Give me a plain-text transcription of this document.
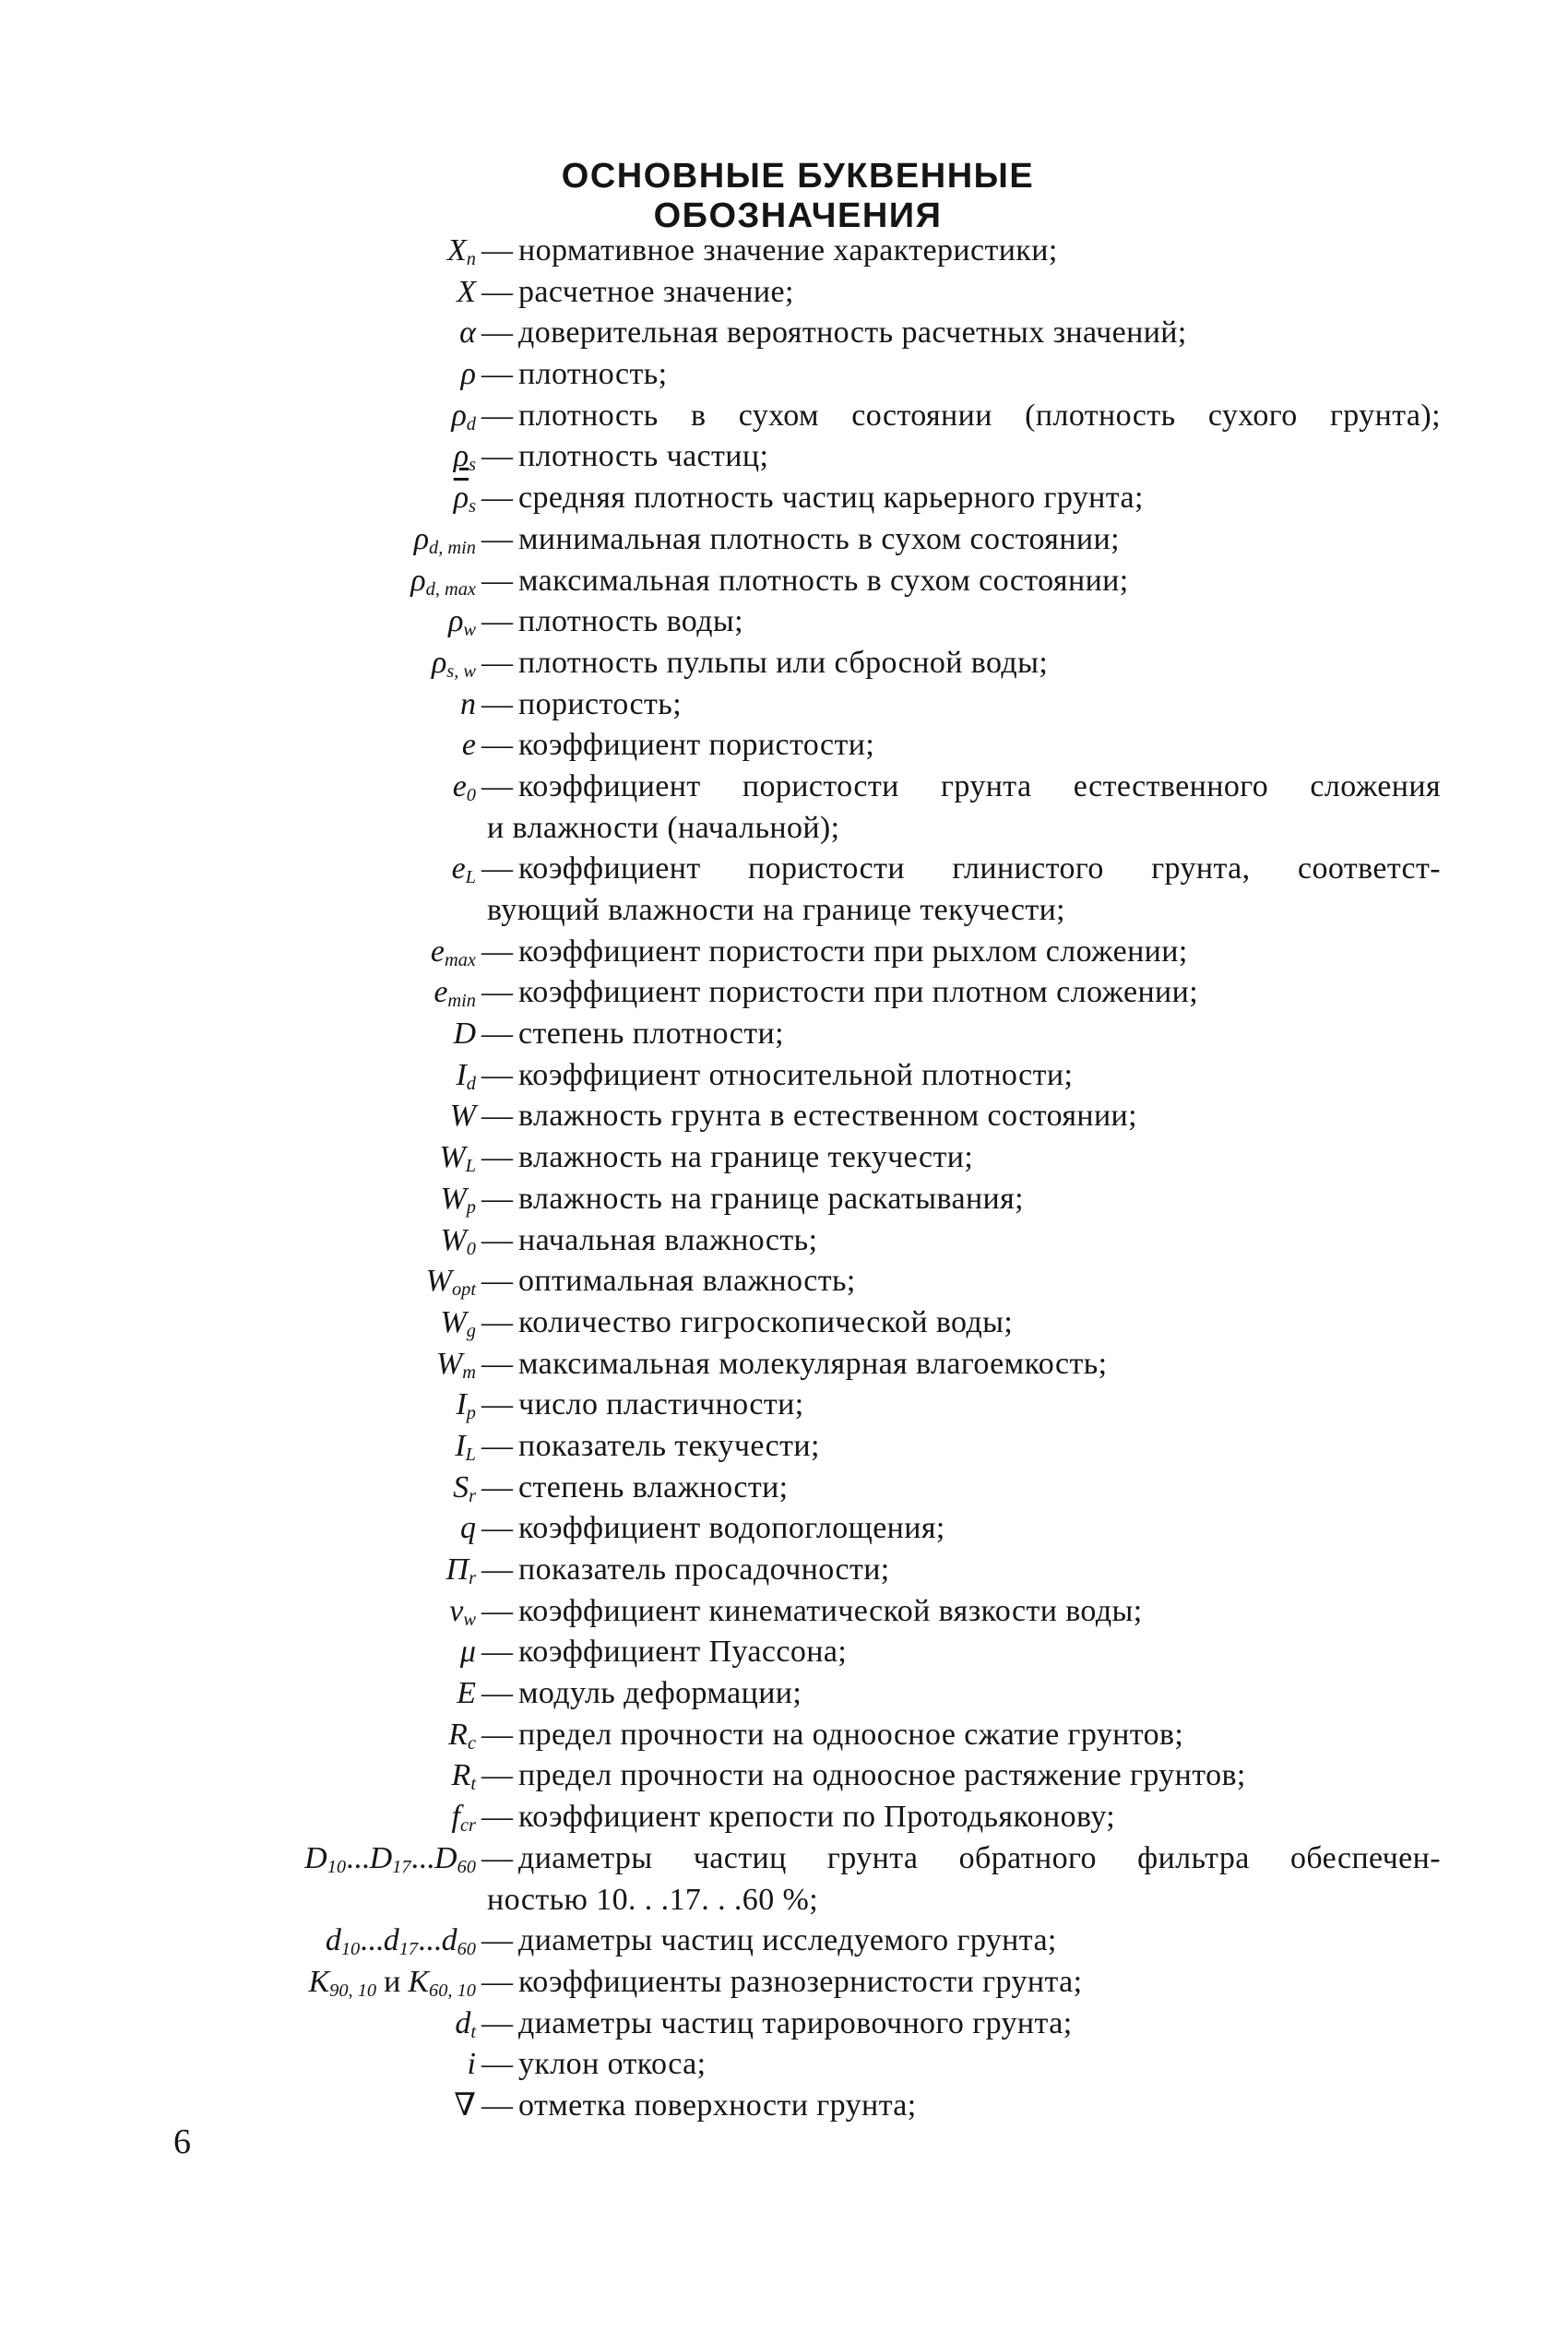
ОСНОВНЫЕ БУКВЕННЫЕ ОБОЗНАЧЕНИЯ
$X_n$ — нормативное значение характеристики;
X — расчетное значение;
α — доверительная вероятность расчетных значений;
ρ — плотность;
$\rho_d$ — плотность в сухом состоянии (плотность сухого грунта);
$\rho_s$ — плотность частиц;
$\overline{\rho}_s$ — средняя плотность частиц карьерного грунта;
$\rho_{d, min}$ — минимальная плотность в сухом состоянии;
$\rho_{d, max}$ — максимальная плотность в сухом состоянии;
$\rho_w$ — плотность воды;
$\rho_{s, w}$ — плотность пульпы или сбросной воды;
n — пористость;
e — коэффициент пористости;
$e_0$ — коэффициент пористости грунта естественного сложения
и влажности (начальной);
$e_L$ — коэффициент пористости глинистого грунта, соответст-
вующий влажности на границе текучести;
$e_{max}$ — коэффициент пористости при рыхлом сложении;
$e_{min}$ — коэффициент пористости при плотном сложении;
D — степень плотности;
$I_d$ — коэффициент относительной плотности;
W — влажность грунта в естественном состоянии;
$W_L$ — влажность на границе текучести;
$W_p$ — влажность на границе раскатывания;
$W_0$ — начальная влажность;
$W_{opt}$ — оптимальная влажность;
$W_g$ — количество гигроскопической воды;
$W_m$ — максимальная молекулярная влагоемкость;
$I_p$ — число пластичности;
$I_L$ — показатель текучести;
$S_r$ — степень влажности;
q — коэффициент водопоглощения;
$П_r$ — показатель просадочности;
$\nu_w$ — коэффициент кинематической вязкости воды;
μ — коэффициент Пуассона;
E — модуль деформации;
$R_c$ — предел прочности на одноосное сжатие грунтов;
$R_t$ — предел прочности на одноосное растяжение грунтов;
$f_{cr}$ — коэффициент крепости по Протодьяконову;
$D_{10}...D_{17}...D_{60}$ — диаметры частиц грунта обратного фильтра обеспечен-
ностью 10. . .17. . .60 %;
$d_{10}...d_{17}...d_{60}$ — диаметры частиц исследуемого грунта;
$K_{90, 10}$ и $K_{60, 10}$ — коэффициенты разнозернистости грунта;
$d_t$ — диаметры частиц тарировочного грунта;
i — уклон откоса;
∇ — отметка поверхности грунта;
6
